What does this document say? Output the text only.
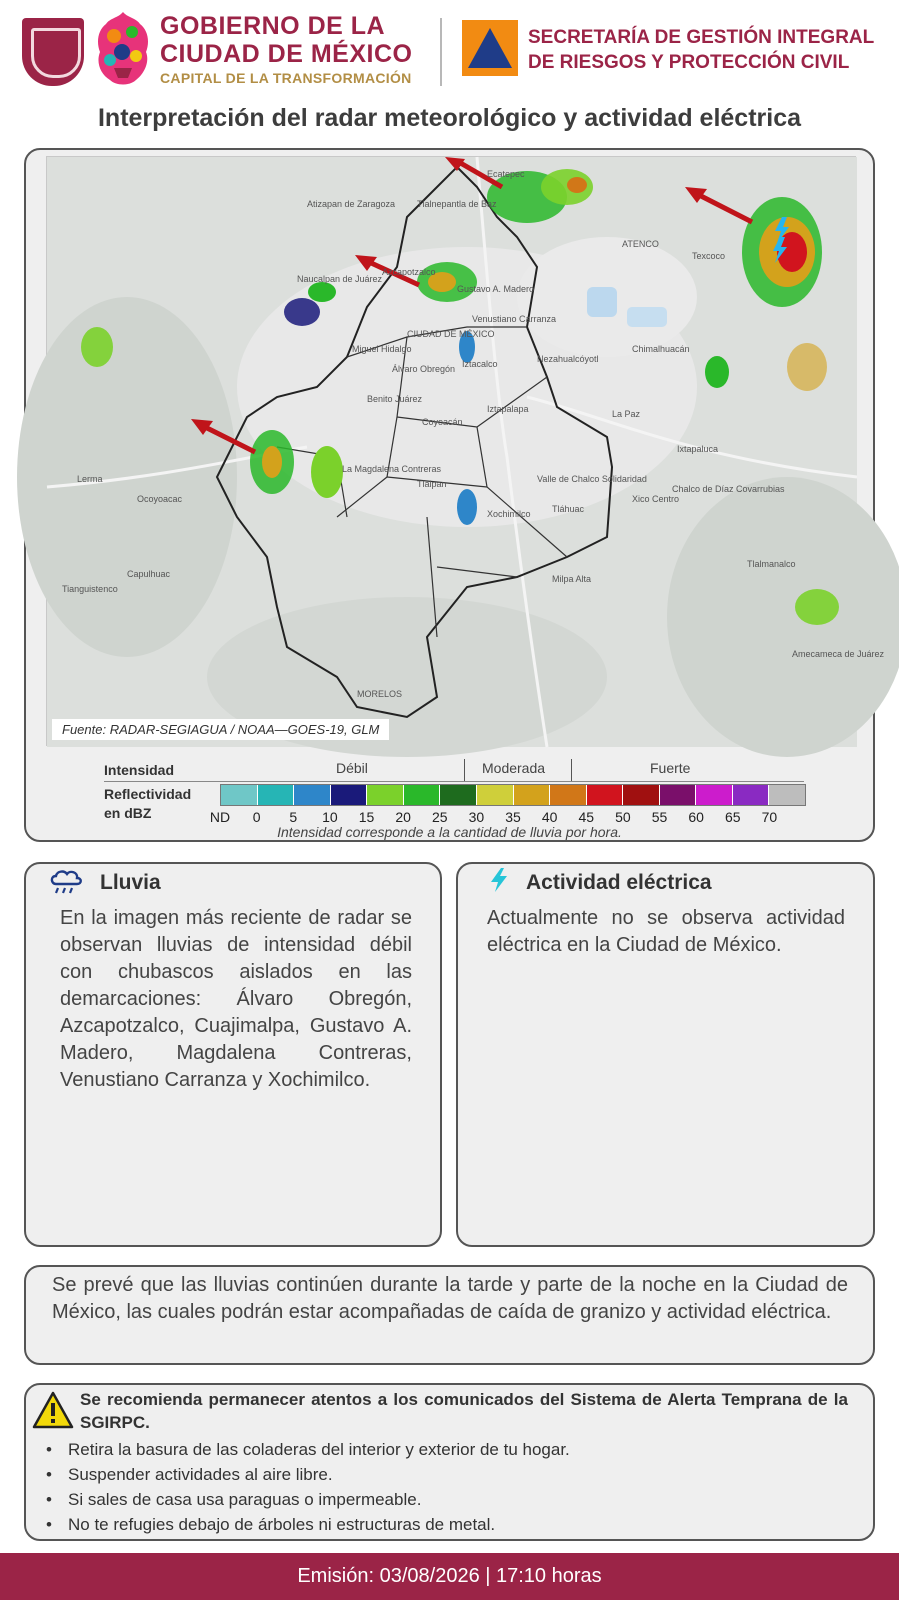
GOBIERNO DE LA
CIUDAD DE MÉXICO
CAPITAL DE LA TRANSFORMACIÓN
SECRETARÍA DE GESTIÓN INTEGRAL
DE RIESGOS Y PROTECCIÓN CIVIL
Interpretación del radar meteorológico y actividad eléctrica
Ecatepec
Atizapan de Zaragoza Tlalnepantla de Baz
Naucalpan de Juárez
Azcapotzalco
Gustavo A. Madero
Venustiano Carranza
CIUDAD DE MÉXICO
Miguel Hidalgo
Iztacalco
Álvaro Obregón
Benito Juárez
Iztapalapa
Coyoacán
La Magdalena Contreras
Tlalpan
Xochimilco Tláhuac
Valle de Chalco Solidaridad
Milpa Alta
Nezahualcóyotl
Chimalhuacán
La Paz
Ixtapaluca
Chalco de Díaz Covarrubias
Xico Centro
Texcoco
ATENCO
Ocoyoacac
Capulhuac
Tianguistenco
Lerma
Tlalmanalco
Amecameca de Juárez
MORELOS
Fuente: RADAR-SEGIAGUA / NOAA—GOES-19, GLM
Intensidad
Reflectividad
en dBZ
Débil	Moderada	Fuerte
ND 0 5 10 15 20 25 30 35 40 45 50 55 60 65 70
Intensidad corresponde a la cantidad de lluvia por hora.
Lluvia
En la imagen más reciente de radar se observan lluvias de intensidad débil con chubascos aislados en las demarcaciones: Álvaro Obregón, Azcapotzalco, Cuajimalpa, Gustavo A. Madero, Magdalena Contreras, Venustiano Carranza y Xochimilco.
Actividad eléctrica
Actualmente no se observa actividad eléctrica en la Ciudad de México.
Se prevé que las lluvias continúen durante la tarde y parte de la noche en la Ciudad de México, las cuales podrán estar acompañadas de caída de granizo y actividad eléctrica.
Se recomienda permanecer atentos a los comunicados del Sistema de Alerta Temprana de la SGIRPC.
• Retira la basura de las coladeras del interior y exterior de tu hogar.
• Suspender actividades al aire libre.
• Si sales de casa usa paraguas o impermeable.
• No te refugies debajo de árboles ni estructuras de metal.
Emisión: 03/08/2026 | 17:10 horas
